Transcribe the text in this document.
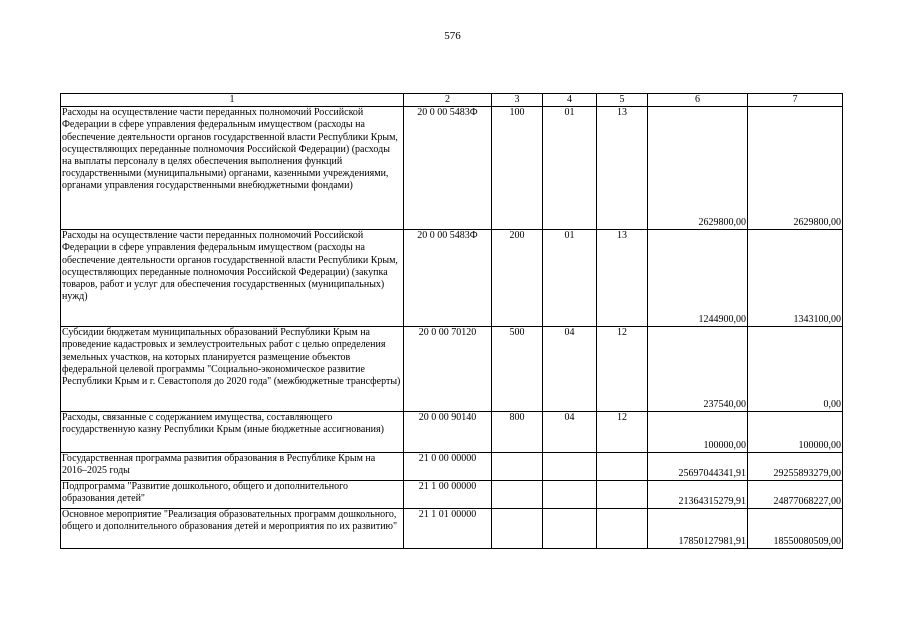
576
1	2	3	4	5	6	7
Расходы на осуществление части переданных полномочий Российской Федерации в сфере управления федеральным имуществом (расходы на обеспечение деятельности органов государственной власти Республики Крым, осуществляющих переданные полномочия Российской Федерации) (расходы на выплаты персоналу в целях обеспечения выполнения функций государственными (муниципальными) органами, казенными учреждениями, органами управления государственными внебюджетными фондами)	20 0 00 5483Ф	100	01	13	2629800,00	2629800,00
Расходы на осуществление части переданных полномочий Российской Федерации в сфере управления федеральным имуществом (расходы на обеспечение деятельности органов государственной власти Республики Крым, осуществляющих переданные полномочия Российской Федерации) (закупка товаров, работ и услуг для обеспечения государственных (муниципальных) нужд)	20 0 00 5483Ф	200	01	13	1244900,00	1343100,00
Субсидии бюджетам муниципальных образований Республики Крым на проведение кадастровых и землеустроительных работ с целью определения земельных участков, на которых планируется размещение объектов федеральной целевой программы "Социально-экономическое развитие Республики Крым и г. Севастополя до 2020 года" (межбюджетные трансферты)	20 0 00 70120	500	04	12	237540,00	0,00
Расходы, связанные с содержанием имущества, составляющего государственную казну Республики Крым (иные бюджетные ассигнования)	20 0 00 90140	800	04	12	100000,00	100000,00
Государственная программа развития образования в Республике Крым на 2016–2025 годы	21 0 00 00000				25697044341,91	29255893279,00
Подпрограмма "Развитие дошкольного, общего и дополнительного образования детей"	21 1 00 00000				21364315279,91	24877068227,00
Основное мероприятие "Реализация образовательных программ дошкольного, общего и дополнительного образования детей и мероприятия по их развитию"	21 1 01 00000				17850127981,91	18550080509,00
